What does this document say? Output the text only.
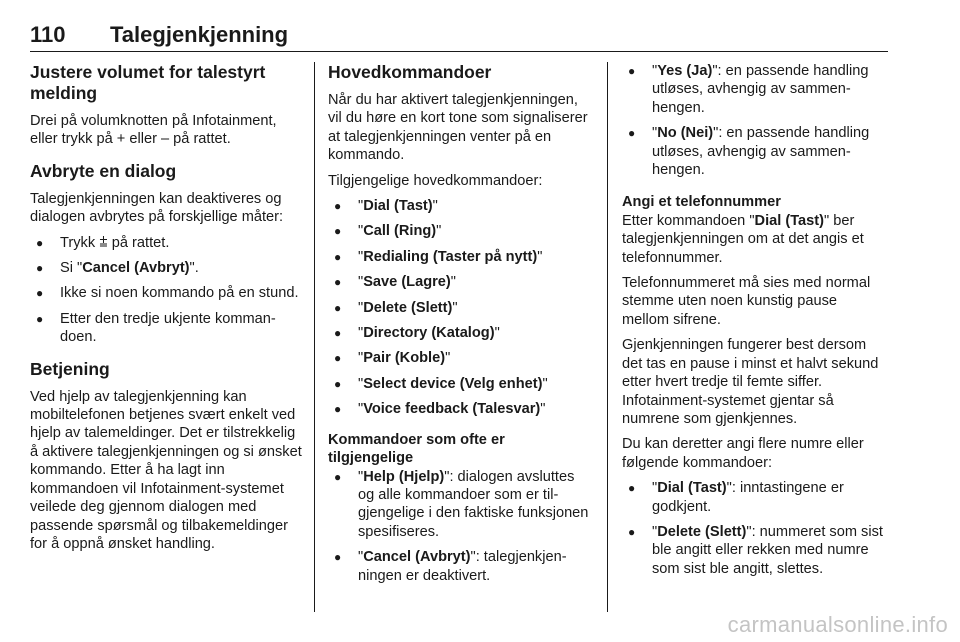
110	Talegjenkjenning
Justere volumet for talestyrt melding

Drei på volumknotten på Infotainment, eller trykk på + eller – på rattet.

Avbryte en dialog

Talegjenkjenningen kan deaktiveres og dialogen avbrytes på forskjellige måter:

● Trykk ⩲ på rattet.
● Si "Cancel (Avbryt)".
● Ikke si noen kommando på en stund.
● Etter den tredje ukjente kommandoen.
Betjening

Ved hjelp av talegjenkjenning kan mobiltelefonen betjenes svært enkelt ved hjelp av talemeldinger. Det er tilstrekkelig å aktivere talegjenkjenningen og si ønsket kommando. Etter å ha lagt inn kommandoen vil Infotainment-systemet veilede deg gjennom dialogen med passende spørsmål og tilbakemeldinger for å oppnå ønsket handling.

Hovedkommandoer

Når du har aktivert talegjenkjenningen, vil du høre en kort tone som signaliserer at talegjenkjenningen venter på en kommando.

Tilgjengelige hovedkommandoer:

● "Dial (Tast)"
● "Call (Ring)"
● "Redialing (Taster på nytt)"
● "Save (Lagre)"
● "Delete (Slett)"
● "Directory (Katalog)"
● "Pair (Koble)"
● "Select device (Velg enhet)"
● "Voice feedback (Talesvar)"
Kommandoer som ofte er tilgjengelige
● "Help (Hjelp)": dialogen avsluttes og alle kommandoer som er tilgjengelige i den faktiske funksjonen spesifiseres.
● "Cancel (Avbryt)": talegjenkjenningen er deaktivert.
● "Yes (Ja)": en passende handling utløses, avhengig av sammenhengen.
● "No (Nei)": en passende handling utløses, avhengig av sammenhengen.
Angi et telefonnummer

Etter kommandoen "Dial (Tast)" ber talegjenkjenningen om at det angis et telefonnummer.

Telefonnummeret må sies med normal stemme uten noen kunstig pause mellom sifrene.

Gjenkjenningen fungerer best dersom det tas en pause i minst et halvt sekund etter hvert tredje til femte siffer. Infotainment-systemet gjentar så numrene som gjenkjennes.

Du kan deretter angi flere numre eller følgende kommandoer:

● "Dial (Tast)": inntastingene er godkjent.
● "Delete (Slett)": nummeret som sist ble angitt eller rekken med numre som sist ble angitt, slettes.
carmanualsonline.info
